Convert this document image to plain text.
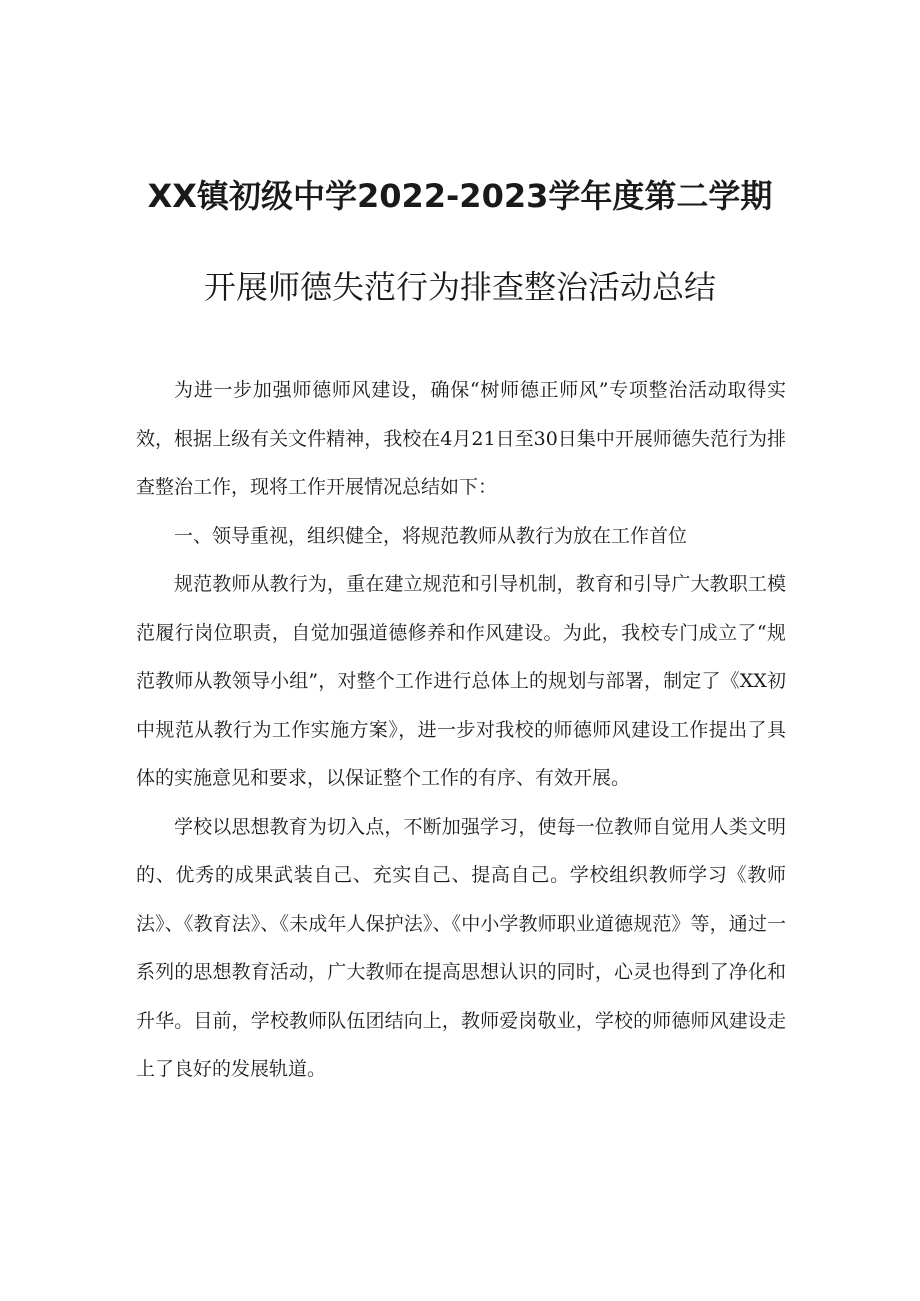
XX镇初级中学2022-2023学年度第二学期
开展师德失范行为排查整治活动总结

为进一步加强师德师风建设，确保“树师德正师风”专项整治活动取得实效，根据上级有关文件精神，我校在4月21日至30日集中开展师德失范行为排查整治工作，现将工作开展情况总结如下：

一、领导重视，组织健全，将规范教师从教行为放在工作首位

规范教师从教行为，重在建立规范和引导机制，教育和引导广大教职工模范履行岗位职责，自觉加强道德修养和作风建设。为此，我校专门成立了“规范教师从教领导小组”，对整个工作进行总体上的规划与部署，制定了《XX初中规范从教行为工作实施方案》，进一步对我校的师德师风建设工作提出了具体的实施意见和要求，以保证整个工作的有序、有效开展。

学校以思想教育为切入点，不断加强学习，使每一位教师自觉用人类文明的、优秀的成果武装自己、充实自己、提高自己。学校组织教师学习《教师法》、《教育法》、《未成年人保护法》、《中小学教师职业道德规范》等，通过一系列的思想教育活动，广大教师在提高思想认识的同时，心灵也得到了净化和升华。目前，学校教师队伍团结向上，教师爱岗敬业，学校的师德师风建设走上了良好的发展轨道。
